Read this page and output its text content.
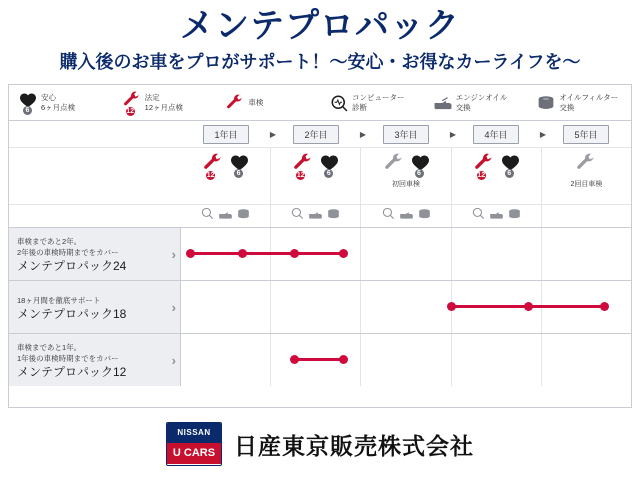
メンテプロパック
購入後のお車をプロがサポート！～安心・お得なカーライフを～
6
安心
6ヶ月点検	12
法定
12ヶ月点検
車検
コンピューター
診断
エンジンオイル
交換
オイルフィルター
交換
1年目	▶	2年目	▶	3年目	▶	4年目	▶	5年目
12	6	12	6	6
初回車検
12	6
2回目車検
車検まであと2年。
2年後の車検時期までをカバー
メンテプロパック24
›
18ヶ月間を徹底サポート
メンテプロパック18	›
車検まであと1年。
1年後の車検時期までをカバー
メンテプロパック12
›
NISSAN
U CARS 日産東京販売株式会社
